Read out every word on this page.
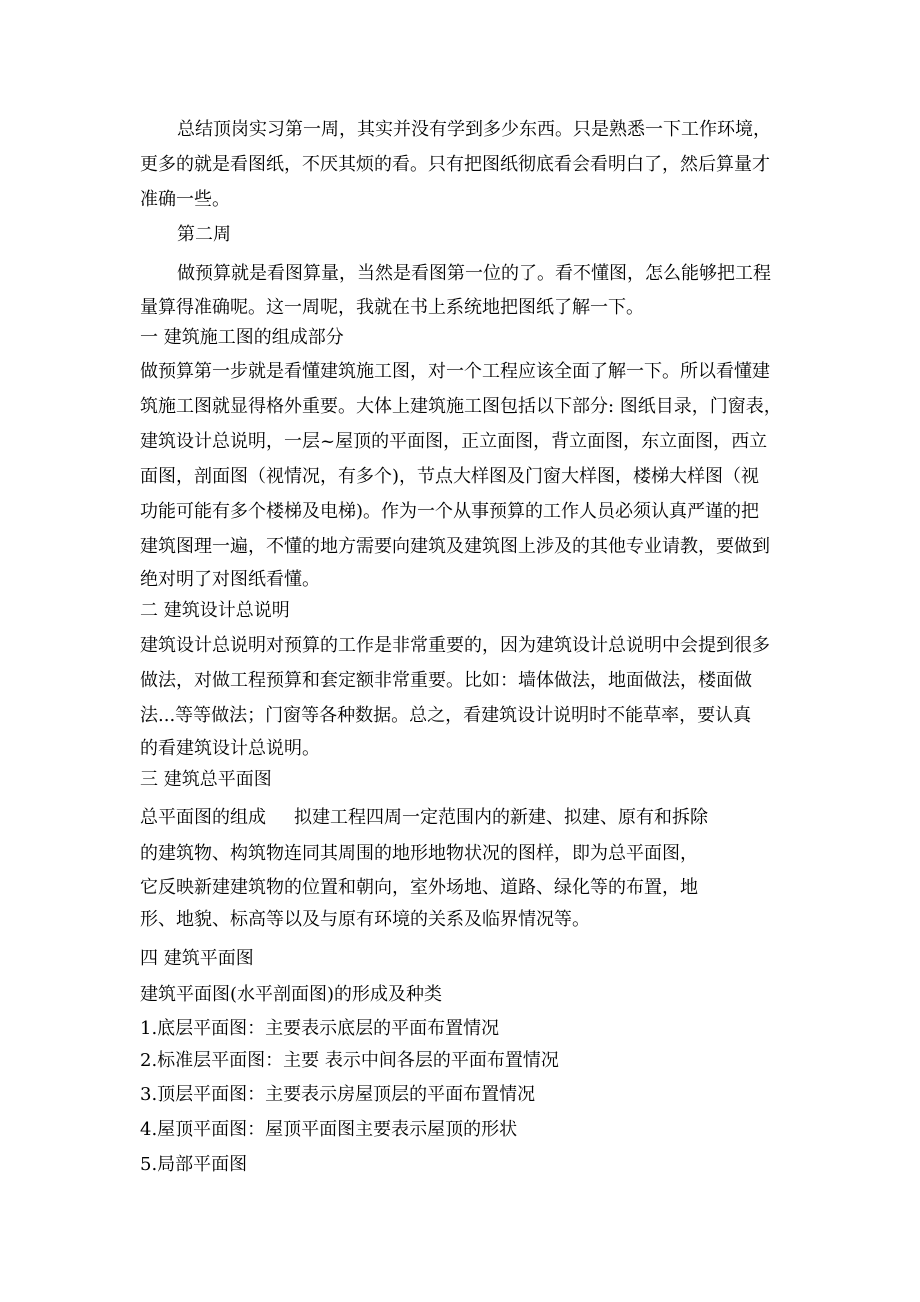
总结顶岗实习第一周，其实并没有学到多少东西。只是熟悉一下工作环境，
更多的就是看图纸，不厌其烦的看。只有把图纸彻底看会看明白了，然后算量才
准确一些。
第二周
做预算就是看图算量，当然是看图第一位的了。看不懂图，怎么能够把工程
量算得准确呢。这一周呢，我就在书上系统地把图纸了解一下。
一 建筑施工图的组成部分
做预算第一步就是看懂建筑施工图，对一个工程应该全面了解一下。所以看懂建
筑施工图就显得格外重要。大体上建筑施工图包括以下部分: 图纸目录，门窗表，
建筑设计总说明，一层~屋顶的平面图，正立面图，背立面图，东立面图，西立
面图，剖面图（视情况，有多个)，节点大样图及门窗大样图，楼梯大样图（视
功能可能有多个楼梯及电梯)。作为一个从事预算的工作人员必须认真严谨的把
建筑图理一遍，不懂的地方需要向建筑及建筑图上涉及的其他专业请教，要做到
绝对明了对图纸看懂。
二 建筑设计总说明
建筑设计总说明对预算的工作是非常重要的，因为建筑设计总说明中会提到很多
做法，对做工程预算和套定额非常重要。比如：墙体做法，地面做法，楼面做
法...等等做法；门窗等各种数据。总之，看建筑设计说明时不能草率，要认真
的看建筑设计总说明。
三 建筑总平面图
总平面图的组成 拟建工程四周一定范围内的新建、拟建、原有和拆除
的建筑物、构筑物连同其周围的地形地物状况的图样，即为总平面图，
它反映新建建筑物的位置和朝向，室外场地、道路、绿化等的布置，地
形、地貌、标高等以及与原有环境的关系及临界情况等。
四 建筑平面图
建筑平面图(水平剖面图)的形成及种类
1.底层平面图：主要表示底层的平面布置情况
2.标准层平面图：主要 表示中间各层的平面布置情况
3.顶层平面图：主要表示房屋顶层的平面布置情况
4.屋顶平面图：屋顶平面图主要表示屋顶的形状
5.局部平面图
